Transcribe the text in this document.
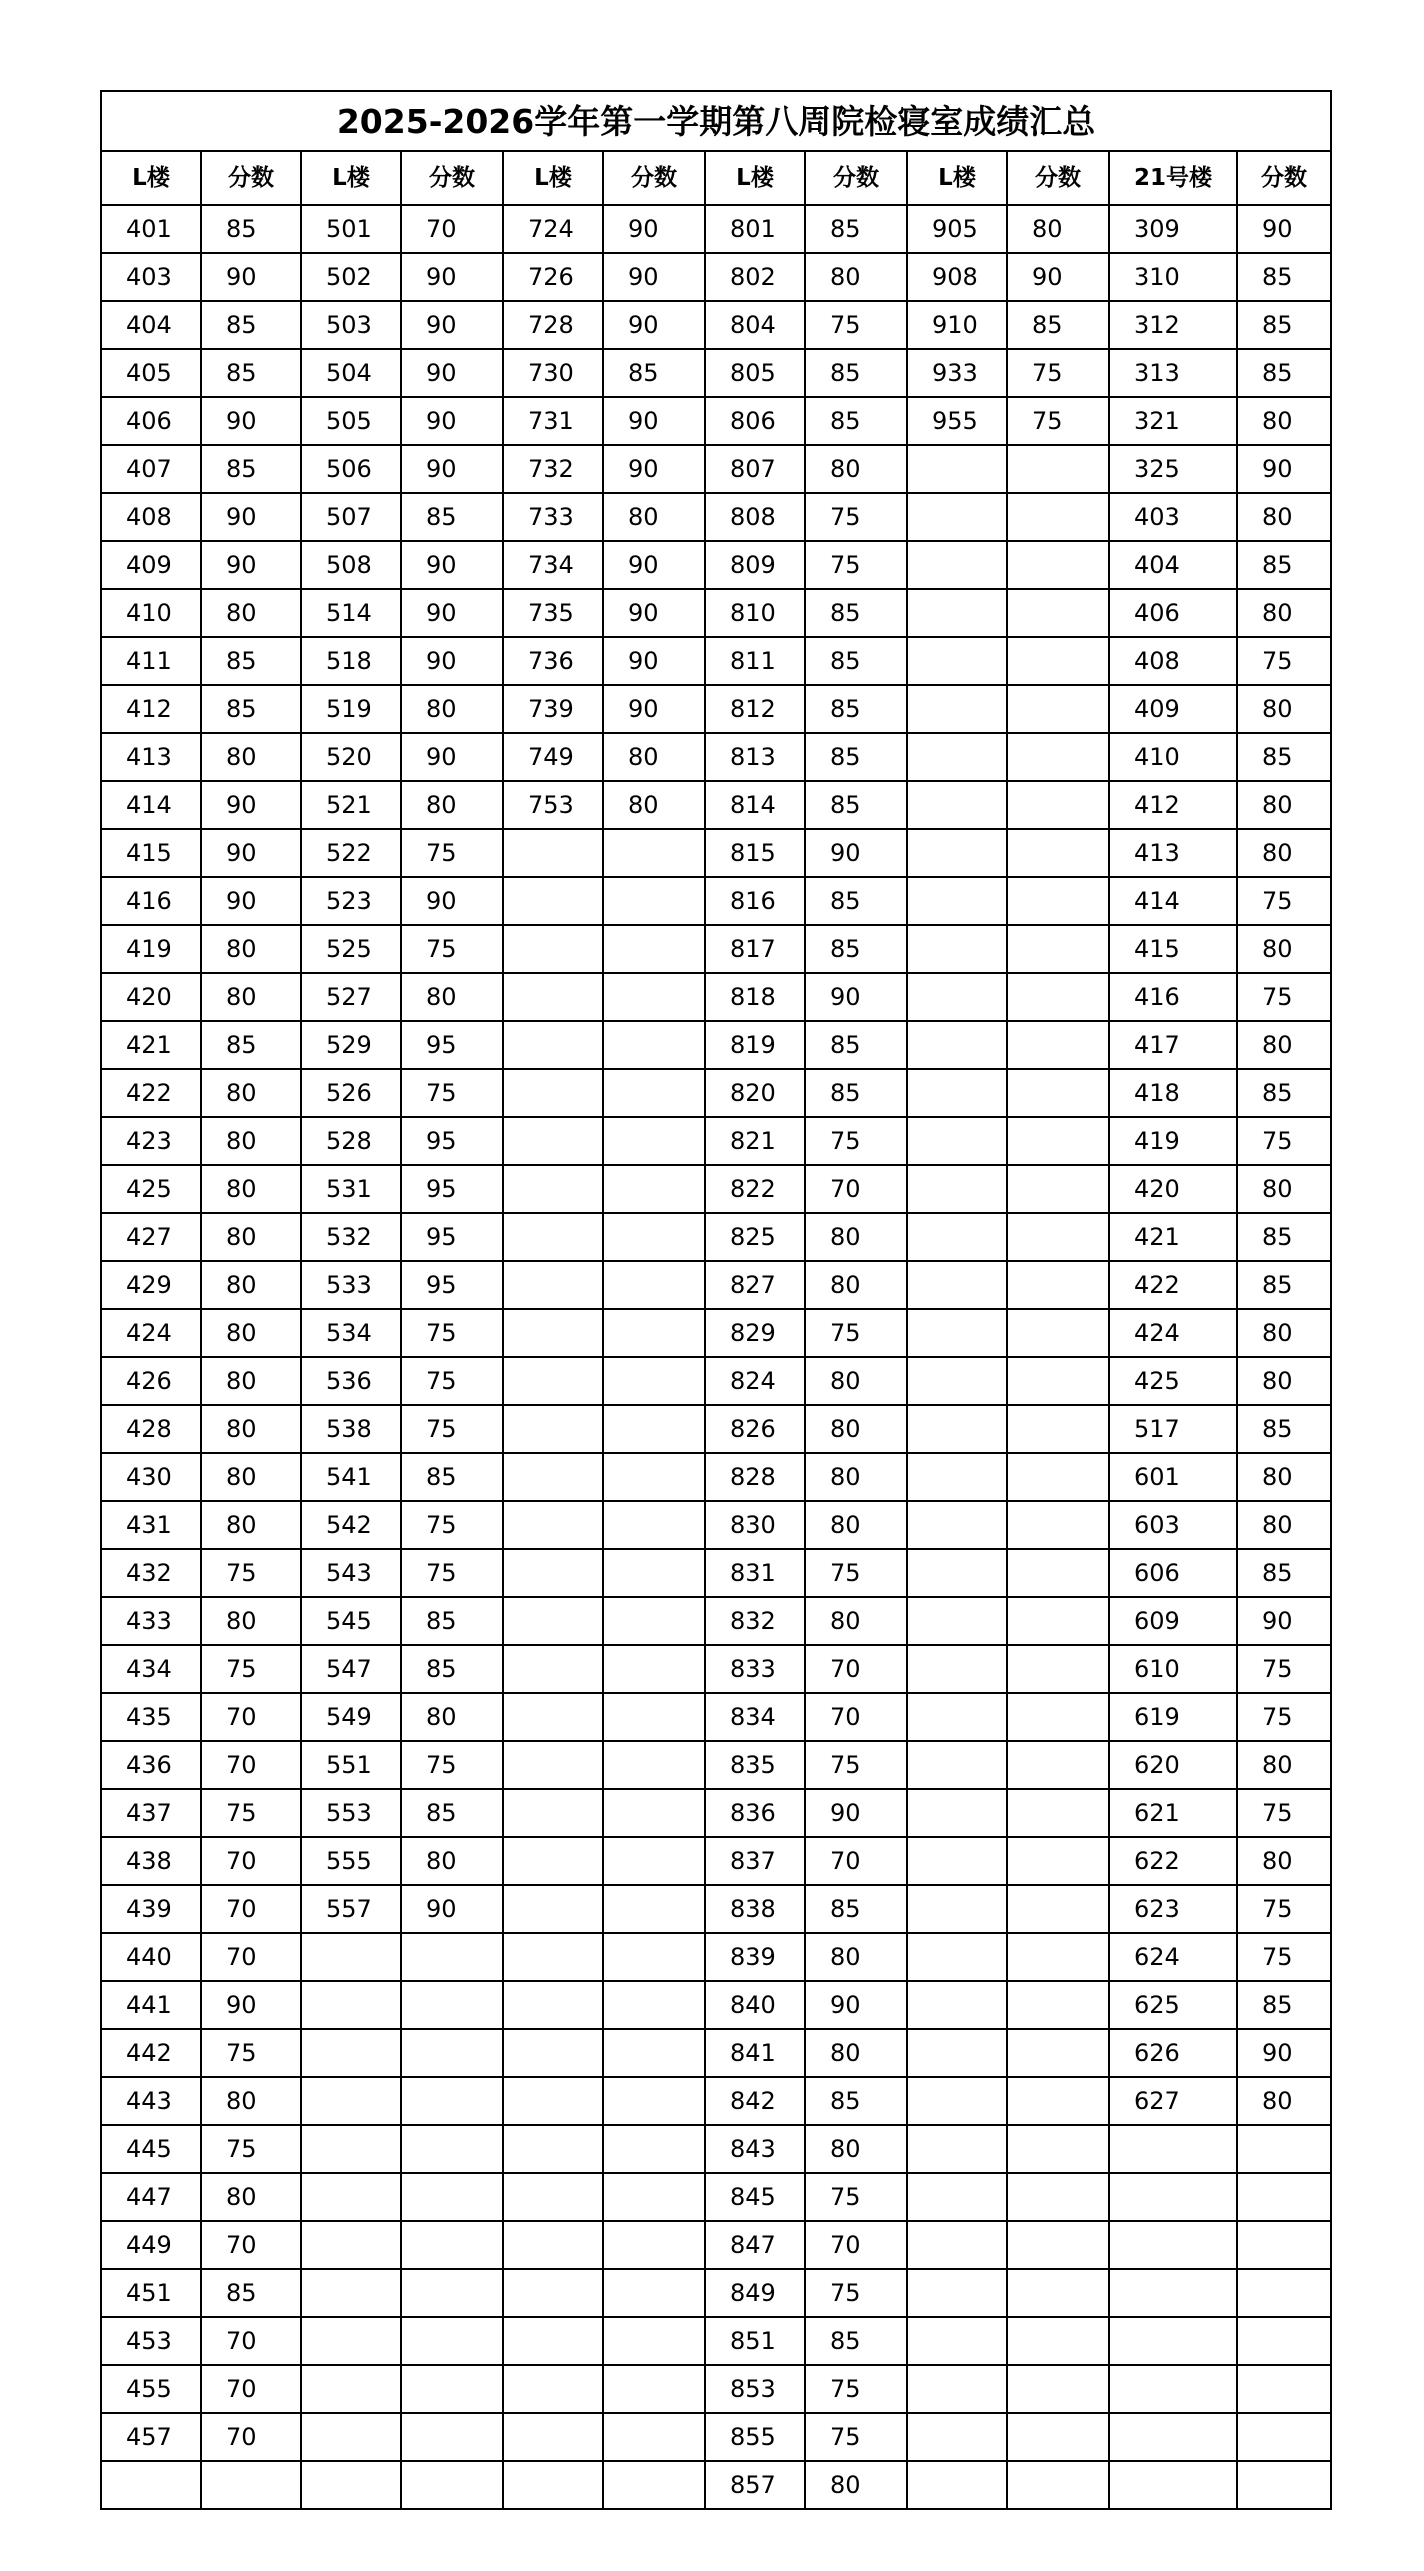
2025-2026学年第一学期第八周院检寝室成绩汇总											
L楼	分数	L楼	分数	L楼	分数	L楼	分数	L楼	分数	21号楼	分数
401	85	501	70	724	90	801	85	905	80	309	90
403	90	502	90	726	90	802	80	908	90	310	85
404	85	503	90	728	90	804	75	910	85	312	85
405	85	504	90	730	85	805	85	933	75	313	85
406	90	505	90	731	90	806	85	955	75	321	80
407	85	506	90	732	90	807	80			325	90
408	90	507	85	733	80	808	75			403	80
409	90	508	90	734	90	809	75			404	85
410	80	514	90	735	90	810	85			406	80
411	85	518	90	736	90	811	85			408	75
412	85	519	80	739	90	812	85			409	80
413	80	520	90	749	80	813	85			410	85
414	90	521	80	753	80	814	85			412	80
415	90	522	75			815	90			413	80
416	90	523	90			816	85			414	75
419	80	525	75			817	85			415	80
420	80	527	80			818	90			416	75
421	85	529	95			819	85			417	80
422	80	526	75			820	85			418	85
423	80	528	95			821	75			419	75
425	80	531	95			822	70			420	80
427	80	532	95			825	80			421	85
429	80	533	95			827	80			422	85
424	80	534	75			829	75			424	80
426	80	536	75			824	80			425	80
428	80	538	75			826	80			517	85
430	80	541	85			828	80			601	80
431	80	542	75			830	80			603	80
432	75	543	75			831	75			606	85
433	80	545	85			832	80			609	90
434	75	547	85			833	70			610	75
435	70	549	80			834	70			619	75
436	70	551	75			835	75			620	80
437	75	553	85			836	90			621	75
438	70	555	80			837	70			622	80
439	70	557	90			838	85			623	75
440	70					839	80			624	75
441	90					840	90			625	85
442	75					841	80			626	90
443	80					842	85			627	80
445	75					843	80				
447	80					845	75				
449	70					847	70				
451	85					849	75				
453	70					851	85				
455	70					853	75				
457	70					855	75				
						857	80				
